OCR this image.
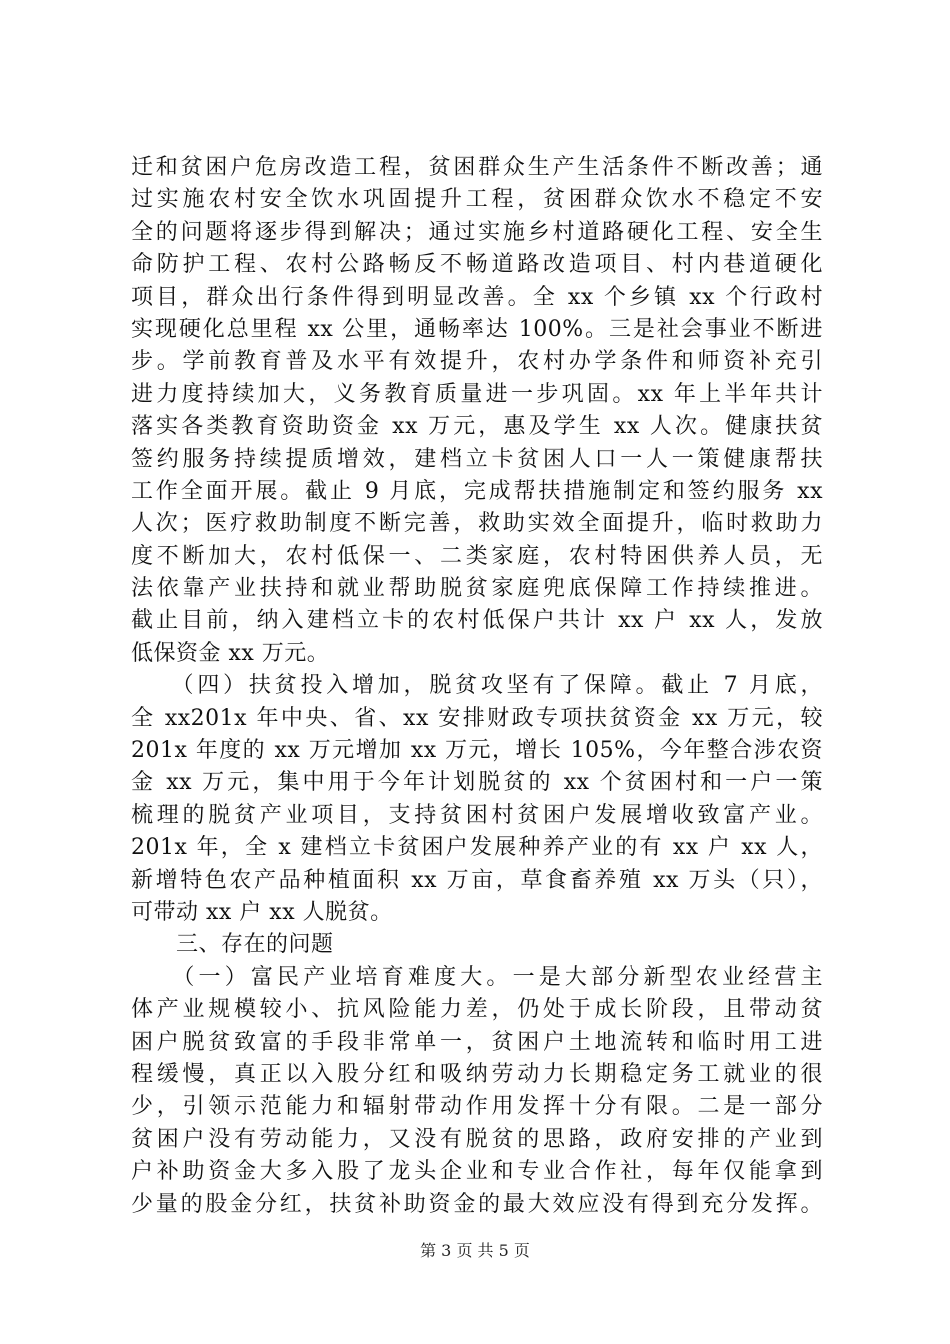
迁和贫困户危房改造工程，贫困群众生产生活条件不断改善；通
过实施农村安全饮水巩固提升工程，贫困群众饮水不稳定不安
全的问题将逐步得到解决；通过实施乡村道路硬化工程、安全生
命防护工程、农村公路畅反不畅道路改造项目、村内巷道硬化
项目，群众出行条件得到明显改善。全 xx 个乡镇 xx 个行政村
实现硬化总里程 xx 公里，通畅率达 100%。三是社会事业不断进
步。学前教育普及水平有效提升，农村办学条件和师资补充引
进力度持续加大，义务教育质量进一步巩固。xx 年上半年共计
落实各类教育资助资金 xx 万元，惠及学生 xx 人次。健康扶贫
签约服务持续提质增效，建档立卡贫困人口一人一策健康帮扶
工作全面开展。截止 9 月底，完成帮扶措施制定和签约服务 xx
人次；医疗救助制度不断完善，救助实效全面提升，临时救助力
度不断加大，农村低保一、二类家庭，农村特困供养人员，无
法依靠产业扶持和就业帮助脱贫家庭兜底保障工作持续推进。
截止目前，纳入建档立卡的农村低保户共计 xx 户 xx 人，发放
低保资金 xx 万元。
　　（四）扶贫投入增加，脱贫攻坚有了保障。截止 7 月底，
全 xx201x 年中央、省、xx 安排财政专项扶贫资金 xx 万元，较
201x 年度的 xx 万元增加 xx 万元，增长 105%，今年整合涉农资
金 xx 万元，集中用于今年计划脱贫的 xx 个贫困村和一户一策
梳理的脱贫产业项目，支持贫困村贫困户发展增收致富产业。
201x 年，全 x 建档立卡贫困户发展种养产业的有 xx 户 xx 人，
新增特色农产品种植面积 xx 万亩，草食畜养殖 xx 万头（只），
可带动 xx 户 xx 人脱贫。
　　三、存在的问题
　　（一）富民产业培育难度大。一是大部分新型农业经营主
体产业规模较小、抗风险能力差，仍处于成长阶段，且带动贫
困户脱贫致富的手段非常单一，贫困户土地流转和临时用工进
程缓慢，真正以入股分红和吸纳劳动力长期稳定务工就业的很
少，引领示范能力和辐射带动作用发挥十分有限。二是一部分
贫困户没有劳动能力，又没有脱贫的思路，政府安排的产业到
户补助资金大多入股了龙头企业和专业合作社，每年仅能拿到
少量的股金分红，扶贫补助资金的最大效应没有得到充分发挥。
第 3 页 共 5 页
